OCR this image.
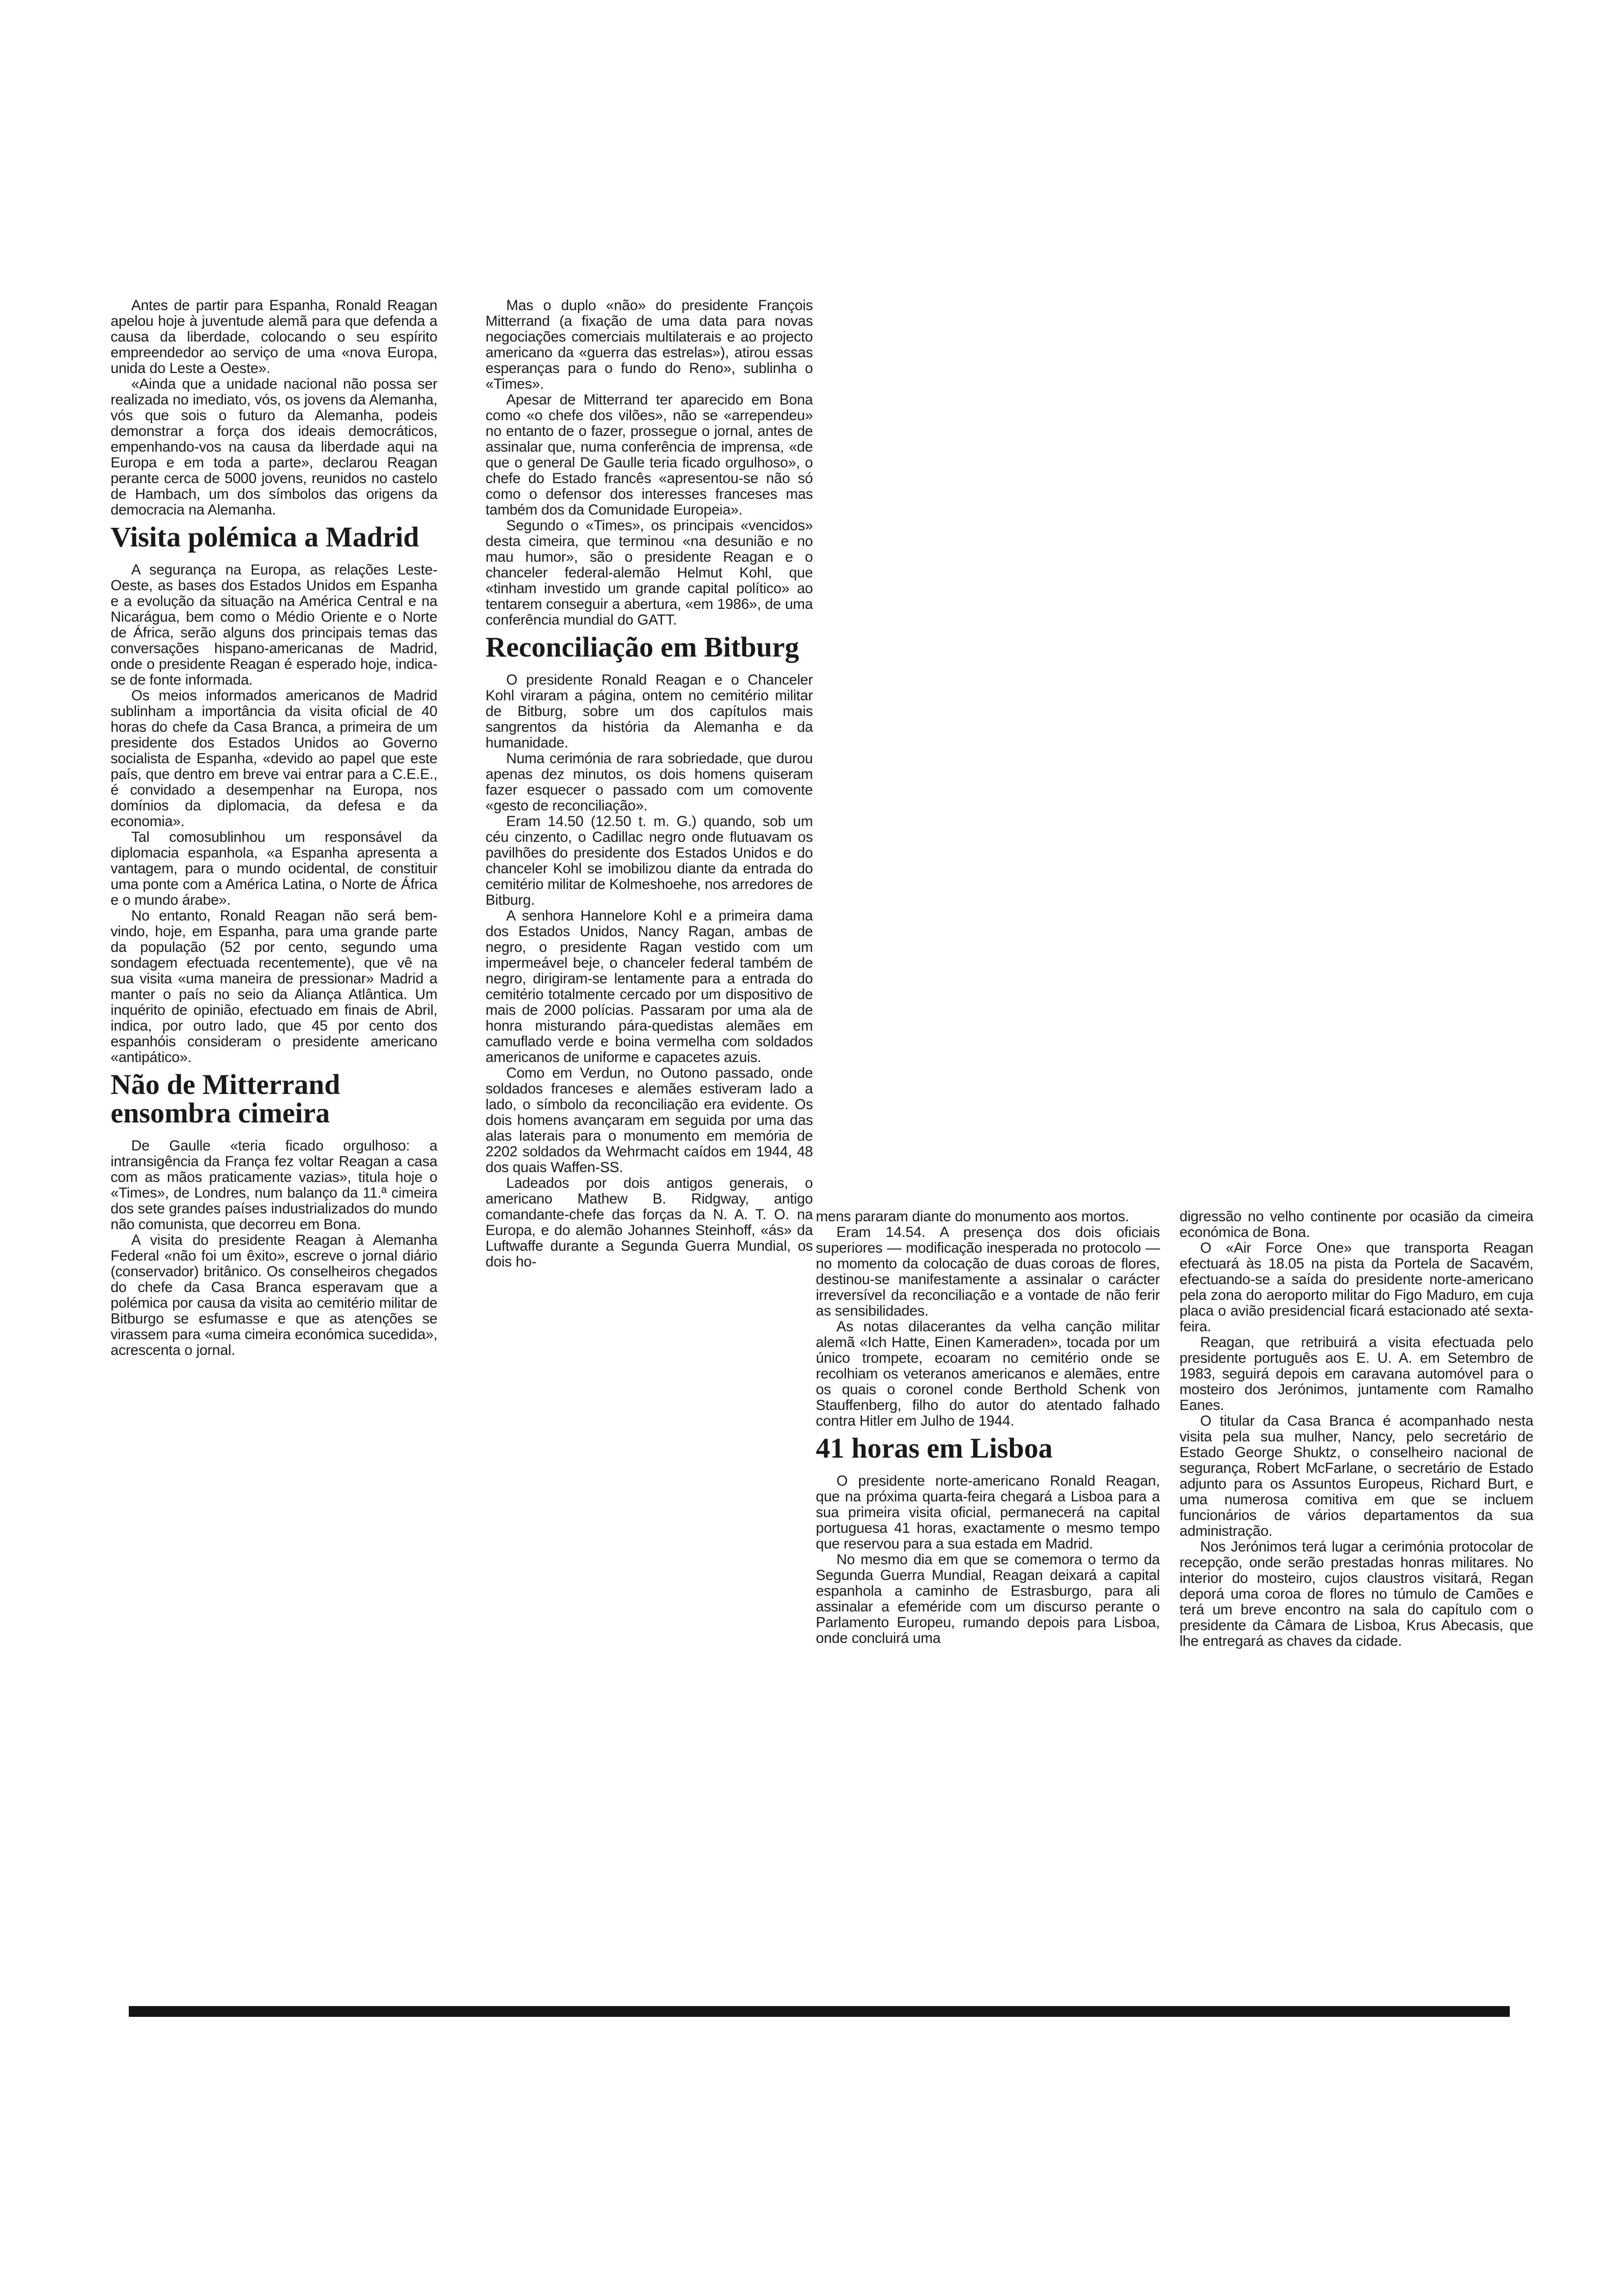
Antes de partir para Espanha, Ronald Reagan apelou hoje à juventude alemã para que defenda a causa da liberdade, colocando o seu espírito empreendedor ao serviço de uma «nova Europa, unida do Leste a Oeste».

«Ainda que a unidade nacional não possa ser realizada no imediato, vós, os jovens da Alemanha, vós que sois o futuro da Alemanha, podeis demonstrar a força dos ideais democráticos, empenhando-vos na causa da liberdade aqui na Europa e em toda a parte», declarou Reagan perante cerca de 5000 jovens, reunidos no castelo de Hambach, um dos símbolos das origens da democracia na Alemanha.

Visita polémica a Madrid

A segurança na Europa, as relações Leste-Oeste, as bases dos Estados Unidos em Espanha e a evolução da situação na América Central e na Nicarágua, bem como o Médio Oriente e o Norte de África, serão alguns dos principais temas das conversações hispano-americanas de Madrid, onde o presidente Reagan é esperado hoje, indica-se de fonte informada.

Os meios informados americanos de Madrid sublinham a importância da visita oficial de 40 horas do chefe da Casa Branca, a primeira de um presidente dos Estados Unidos ao Governo socialista de Espanha, «devido ao papel que este país, que dentro em breve vai entrar para a C.E.E., é convidado a desempenhar na Europa, nos domínios da diplomacia, da defesa e da economia».

Tal comosublinhou um responsável da diplomacia espanhola, «a Espanha apresenta a vantagem, para o mundo ocidental, de constituir uma ponte com a América Latina, o Norte de África e o mundo árabe».

No entanto, Ronald Reagan não será bem-vindo, hoje, em Espanha, para uma grande parte da população (52 por cento, segundo uma sondagem efectuada recentemente), que vê na sua visita «uma maneira de pressionar» Madrid a manter o país no seio da Aliança Atlântica. Um inquérito de opinião, efectuado em finais de Abril, indica, por outro lado, que 45 por cento dos espanhóis consideram o presidente americano «antipático».

Não de Mitterrand ensombra cimeira

De Gaulle «teria ficado orgulhoso: a intransigência da França fez voltar Reagan a casa com as mãos praticamente vazias», titula hoje o «Times», de Londres, num balanço da 11.ª cimeira dos sete grandes países industrializados do mundo não comunista, que decorreu em Bona.

A visita do presidente Reagan à Alemanha Federal «não foi um êxito», escreve o jornal diário (conservador) britânico. Os conselheiros chegados do chefe da Casa Branca esperavam que a polémica por causa da visita ao cemitério militar de Bitburgo se esfumasse e que as atenções se virassem para «uma cimeira económica sucedida», acrescenta o jornal.

Mas o duplo «não» do presidente François Mitterrand (a fixação de uma data para novas negociações comerciais multilaterais e ao projecto americano da «guerra das estrelas»), atirou essas esperanças para o fundo do Reno», sublinha o «Times».

Apesar de Mitterrand ter aparecido em Bona como «o chefe dos vilões», não se «arrependeu» no entanto de o fazer, prossegue o jornal, antes de assinalar que, numa conferência de imprensa, «de que o general De Gaulle teria ficado orgulhoso», o chefe do Estado francês «apresentou-se não só como o defensor dos interesses franceses mas também dos da Comunidade Europeia».

Segundo o «Times», os principais «vencidos» desta cimeira, que terminou «na desunião e no mau humor», são o presidente Reagan e o chanceler federal-alemão Helmut Kohl, que «tinham investido um grande capital político» ao tentarem conseguir a abertura, «em 1986», de uma conferência mundial do GATT.

Reconciliação em Bitburg

O presidente Ronald Reagan e o Chanceler Kohl viraram a página, ontem no cemitério militar de Bitburg, sobre um dos capítulos mais sangrentos da história da Alemanha e da humanidade.

Numa cerimónia de rara sobriedade, que durou apenas dez minutos, os dois homens quiseram fazer esquecer o passado com um comovente «gesto de reconciliação».

Eram 14.50 (12.50 t. m. G.) quando, sob um céu cinzento, o Cadillac negro onde flutuavam os pavilhões do presidente dos Estados Unidos e do chanceler Kohl se imobilizou diante da entrada do cemitério militar de Kolmeshoehe, nos arredores de Bitburg.

A senhora Hannelore Kohl e a primeira dama dos Estados Unidos, Nancy Ragan, ambas de negro, o presidente Ragan vestido com um impermeável beje, o chanceler federal também de negro, dirigiram-se lentamente para a entrada do cemitério totalmente cercado por um dispositivo de mais de 2000 polícias. Passaram por uma ala de honra misturando pára-quedistas alemães em camuflado verde e boina vermelha com soldados americanos de uniforme e capacetes azuis.

Como em Verdun, no Outono passado, onde soldados franceses e alemães estiveram lado a lado, o símbolo da reconciliação era evidente. Os dois homens avançaram em seguida por uma das alas laterais para o monumento em memória de 2202 soldados da Wehrmacht caídos em 1944, 48 dos quais Waffen-SS.

Ladeados por dois antigos generais, o americano Mathew B. Ridgway, antigo comandante-chefe das forças da N. A. T. O. na Europa, e do alemão Johannes Steinhoff, «ás» da Luftwaffe durante a Segunda Guerra Mundial, os dois ho-

mens pararam diante do monumento aos mortos.

Eram 14.54. A presença dos dois oficiais superiores — modificação inesperada no protocolo — no momento da colocação de duas coroas de flores, destinou-se manifestamente a assinalar o carácter irreversível da reconciliação e a vontade de não ferir as sensibilidades.

As notas dilacerantes da velha canção militar alemã «Ich Hatte, Einen Kameraden», tocada por um único trompete, ecoaram no cemitério onde se recolhiam os veteranos americanos e alemães, entre os quais o coronel conde Berthold Schenk von Stauffenberg, filho do autor do atentado falhado contra Hitler em Julho de 1944.

41 horas em Lisboa

O presidente norte-americano Ronald Reagan, que na próxima quarta-feira chegará a Lisboa para a sua primeira visita oficial, permanecerá na capital portuguesa 41 horas, exactamente o mesmo tempo que reservou para a sua estada em Madrid.

No mesmo dia em que se comemora o termo da Segunda Guerra Mundial, Reagan deixará a capital espanhola a caminho de Estrasburgo, para ali assinalar a efeméride com um discurso perante o Parlamento Europeu, rumando depois para Lisboa, onde concluirá uma

digressão no velho continente por ocasião da cimeira económica de Bona.

O «Air Force One» que transporta Reagan efectuará às 18.05 na pista da Portela de Sacavém, efectuando-se a saída do presidente norte-americano pela zona do aeroporto militar do Figo Maduro, em cuja placa o avião presidencial ficará estacionado até sexta-feira.

Reagan, que retribuirá a visita efectuada pelo presidente português aos E. U. A. em Setembro de 1983, seguirá depois em caravana automóvel para o mosteiro dos Jerónimos, juntamente com Ramalho Eanes.

O titular da Casa Branca é acompanhado nesta visita pela sua mulher, Nancy, pelo secretário de Estado George Shuktz, o conselheiro nacional de segurança, Robert McFarlane, o secretário de Estado adjunto para os Assuntos Europeus, Richard Burt, e uma numerosa comitiva em que se incluem funcionários de vários departamentos da sua administração.

Nos Jerónimos terá lugar a cerimónia protocolar de recepção, onde serão prestadas honras militares. No interior do mosteiro, cujos claustros visitará, Regan deporá uma coroa de flores no túmulo de Camões e terá um breve encontro na sala do capítulo com o presidente da Câmara de Lisboa, Krus Abecasis, que lhe entregará as chaves da cidade.
